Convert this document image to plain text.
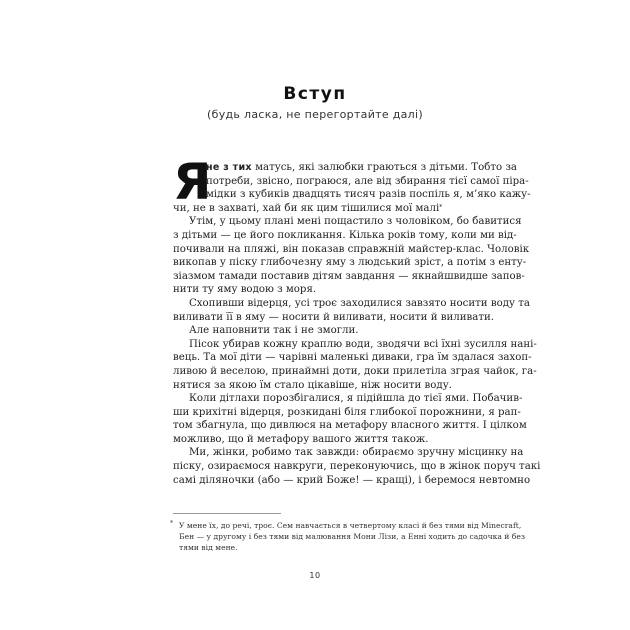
Вступ
(будь ласка, не перегортайте далі)
Я
не з тих матусь, які залюбки граються з дітьми. Тобто за
потреби, звісно, пограюся, але від збирання тієї самої піра-
мідки з кубиків двадцять тисяч разів поспіль я, м’яко кажу-
чи, не в захваті, хай би як цим тішилися мої малі*
Утім, у цьому плані мені пощастило з чоловіком, бо бавитися
з дітьми — це його покликання. Кілька років тому, коли ми від-
почивали на пляжі, він показав справжній майстер-клас. Чоловік
викопав у піску глибочезну яму з людський зріст, а потім з енту-
зіазмом тамади поставив дітям завдання — якнайшвидше запов-
нити ту яму водою з моря.
Схопивши відерця, усі троє заходилися завзято носити воду та
виливати її в яму — носити й виливати, носити й виливати.
Але наповнити так і не змогли.
Пісок убирав кожну краплю води, зводячи всі їхні зусилля нані-
вець. Та мої діти — чарівні маленькі диваки, гра їм здалася захоп-
ливою й веселою, принаймні доти, доки прилетіла зграя чайок, га-
нятися за якою їм стало цікавіше, ніж носити воду.
Коли дітлахи порозбігалися, я підійшла до тієї ями. Побачив-
ши крихітні відерця, розкидані біля глибокої порожнини, я рап-
том збагнула, що дивлюся на метафору власного життя. І цілком
можливо, що й метафору вашого життя також.
Ми, жінки, робимо так завжди: обираємо зручну місцинку на
піску, озираємося навкруги, переконуючись, що в жінок поруч такі
самі ділянoчки (або — крий Боже! — кращі), і беремося невтомно
* У мене їх, до речі, троє. Сем навчається в четвертому класі й без тями від Minecraft,
Бен — у другому і без тями від малювання Мони Лізи, а Енні ходить до садочка й без
тями від мене.
10
